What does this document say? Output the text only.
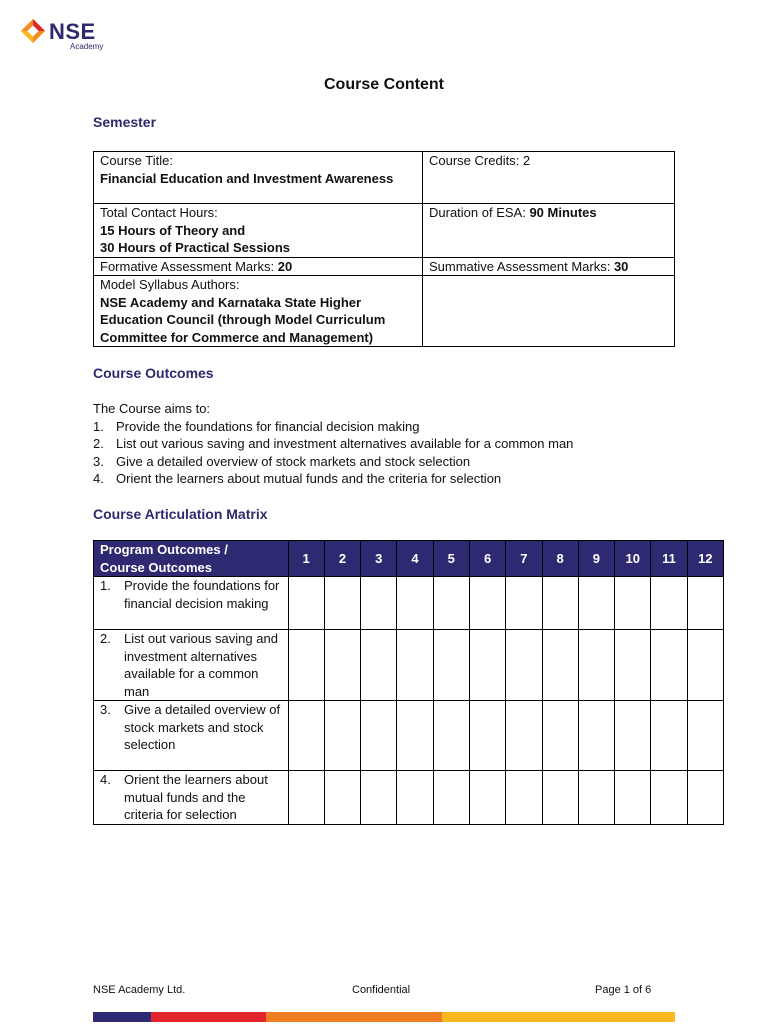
NSE
Academy
Course Content
Semester
Course Title:
Financial Education and Investment Awareness	Course Credits: 2

Total Contact Hours:
15 Hours of Theory and
30 Hours of Practical Sessions	Duration of ESA: 90 Minutes
Formative Assessment Marks: 20	Summative Assessment Marks: 30

Model Syllabus Authors:
NSE Academy and Karnataka State Higher Education Council (through Model Curriculum Committee for Commerce and Management)	

Course Outcomes
The Course aims to:
1. Provide the foundations for financial decision making
2. List out various saving and investment alternatives available for a common man
3. Give a detailed overview of stock markets and stock selection
4. Orient the learners about mutual funds and the criteria for selection
Course Articulation Matrix
Program Outcomes /
Course Outcomes	1	2	3	4	5	6	7	8	9	10	11	12

1. Provide the foundations for financial decision making												

2. List out various saving and investment alternatives available for a common man												

3. Give a detailed overview of stock markets and stock selection												

4. Orient the learners about mutual funds and the criteria for selection												

NSE Academy Ltd.	Confidential	Page 1 of 6
